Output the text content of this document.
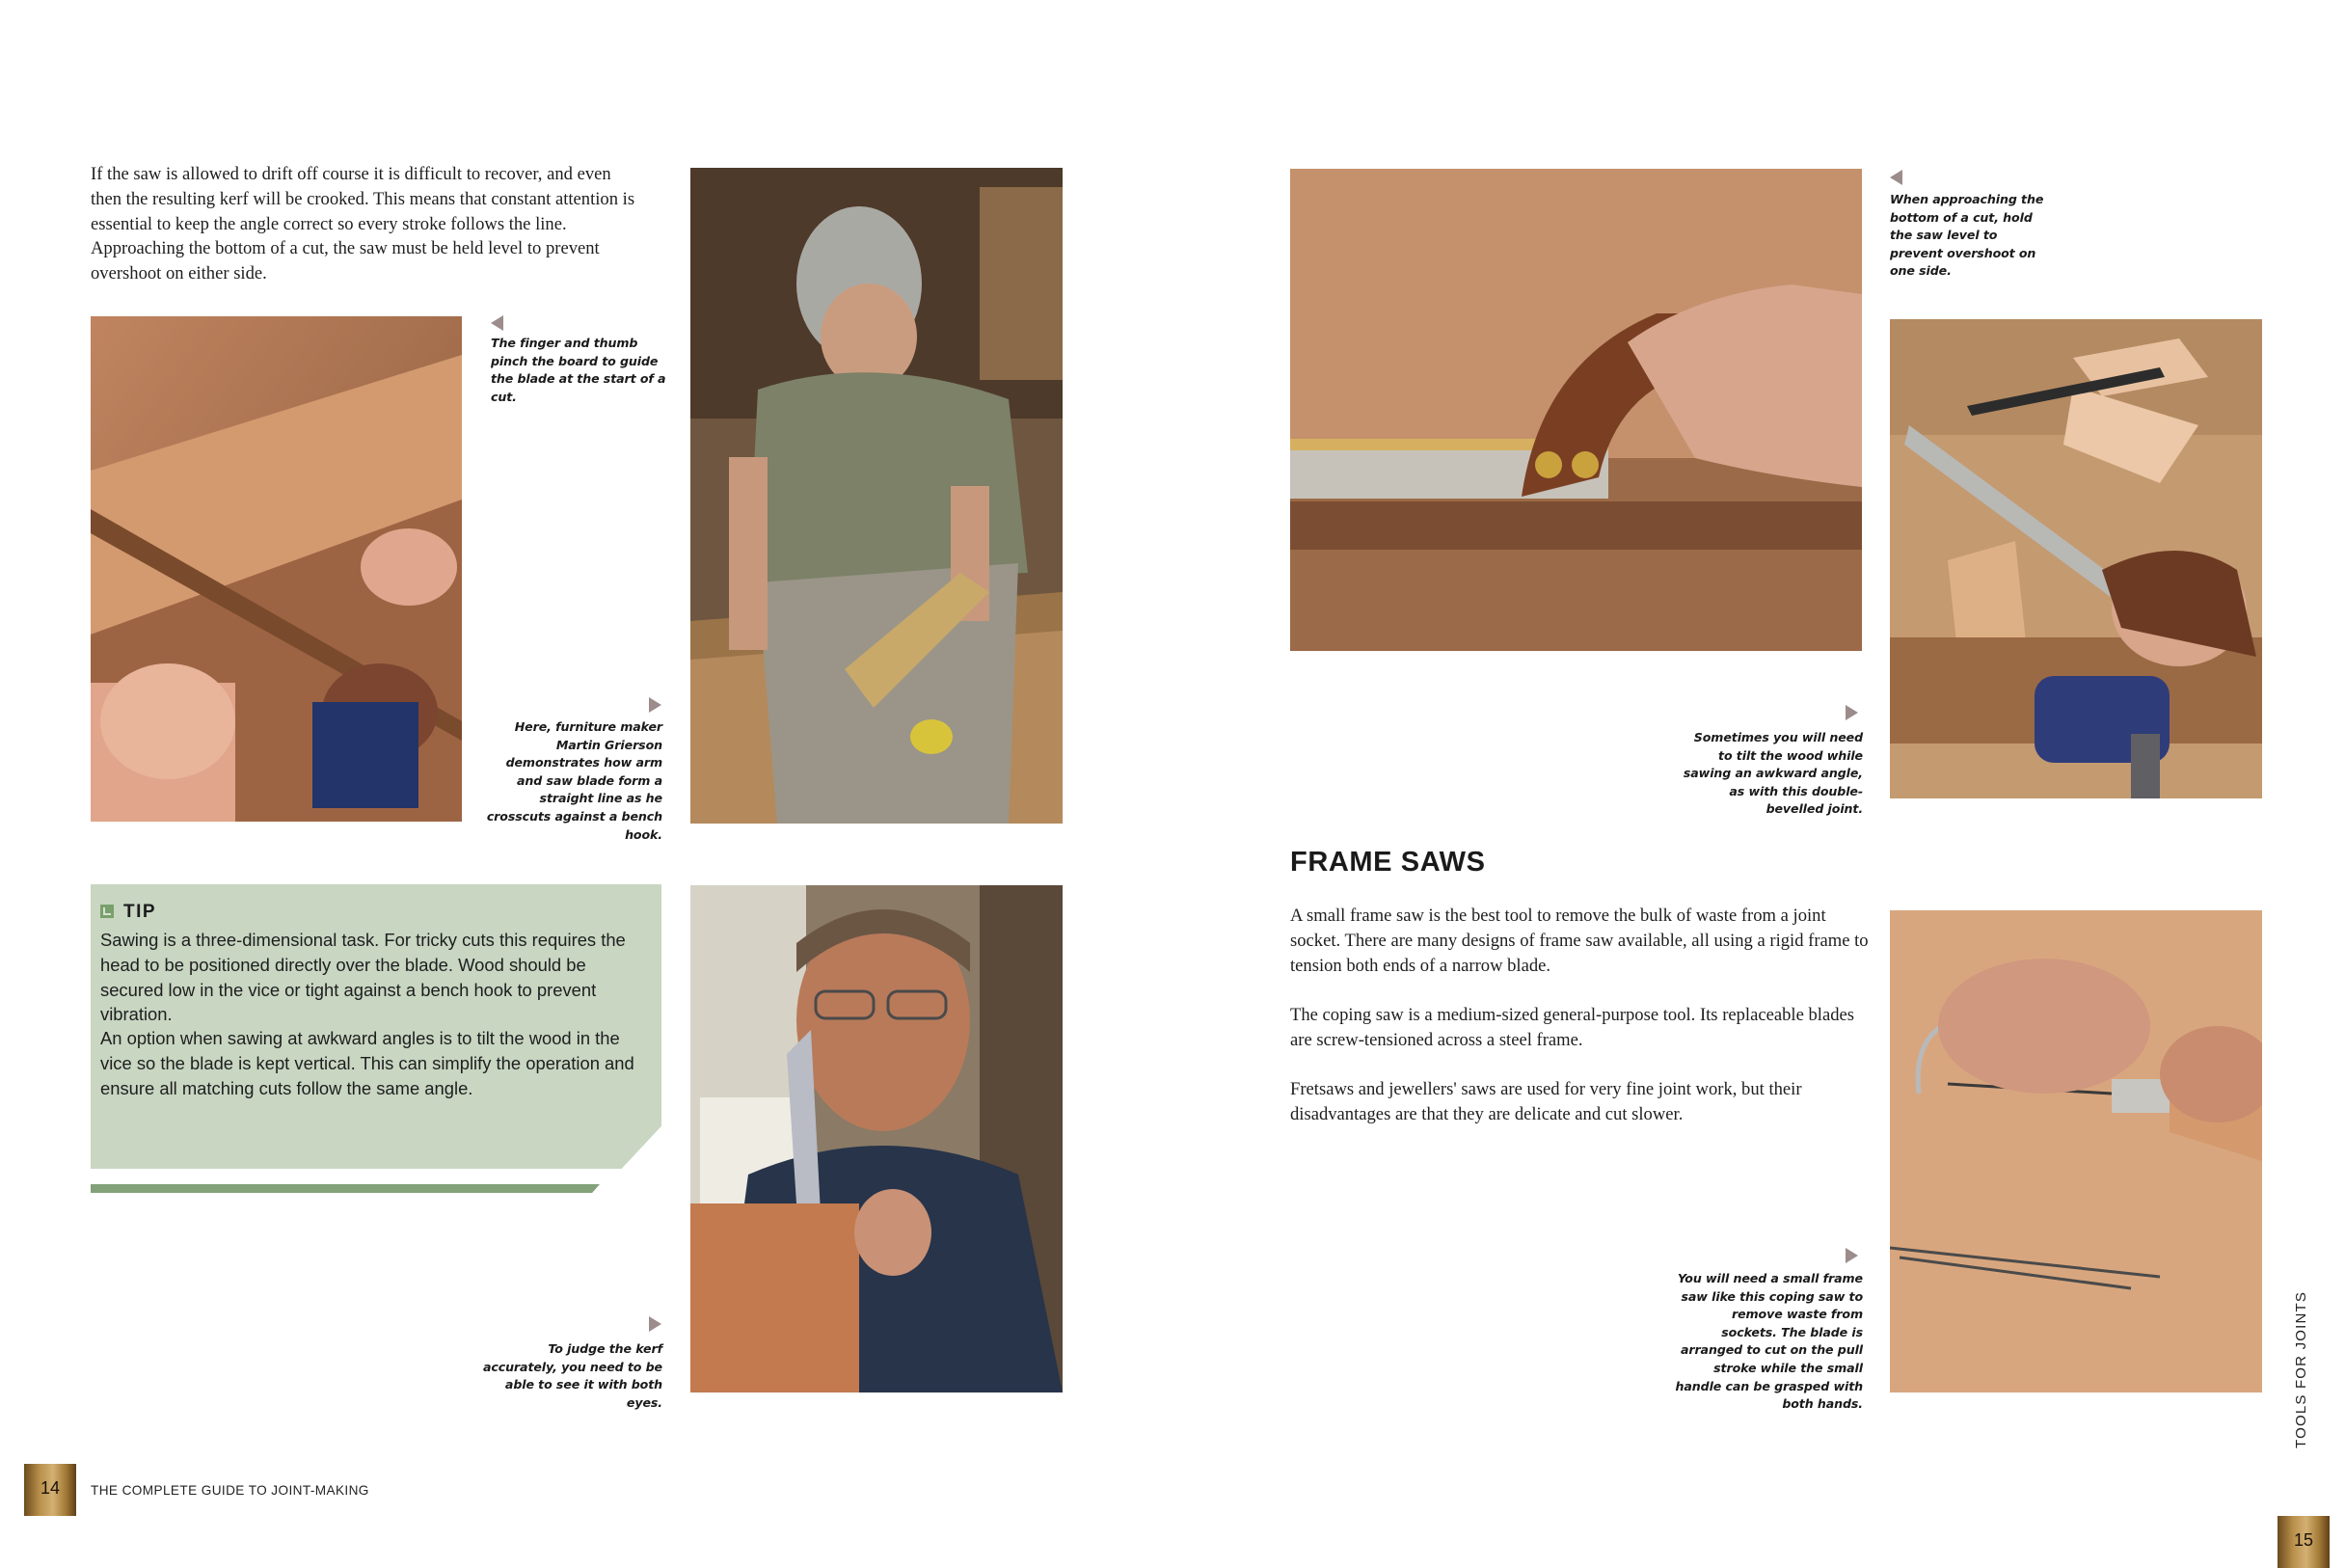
If the saw is allowed to drift off course it is difficult to recover, and even then the resulting kerf will be crooked. This means that constant attention is essential to keep the angle correct so every stroke follows the line. Approaching the bottom of a cut, the saw must be held level to prevent overshoot on either side.

The finger and thumb pinch the board to guide the blade at the start of a cut.

Here, furniture maker Martin Grierson demonstrates how arm and saw blade form a straight line as he crosscuts against a bench hook.

TIP

Sawing is a three-dimensional task. For tricky cuts this requires the head to be positioned directly over the blade. Wood should be secured low in the vice or tight against a bench hook to prevent vibration.

An option when sawing at awkward angles is to tilt the wood in the vice so the blade is kept vertical. This can simplify the operation and ensure all matching cuts follow the same angle.

To judge the kerf accurately, you need to be able to see it with both eyes.

14	THE COMPLETE GUIDE TO JOINT-MAKING

When approaching the bottom of a cut, hold the saw level to prevent overshoot on one side.

Sometimes you will need to tilt the wood while sawing an awkward angle, as with this double-bevelled joint.

FRAME SAWS

A small frame saw is the best tool to remove the bulk of waste from a joint socket. There are many designs of frame saw available, all using a rigid frame to tension both ends of a narrow blade.

The coping saw is a medium-sized general-purpose tool. Its replaceable blades are screw-tensioned across a steel frame.

Fretsaws and jewellers' saws are used for very fine joint work, but their disadvantages are that they are delicate and cut slower.

You will need a small frame saw like this coping saw to remove waste from sockets. The blade is arranged to cut on the pull stroke while the small handle can be grasped with both hands.	TOOLS FOR JOINTS
15
